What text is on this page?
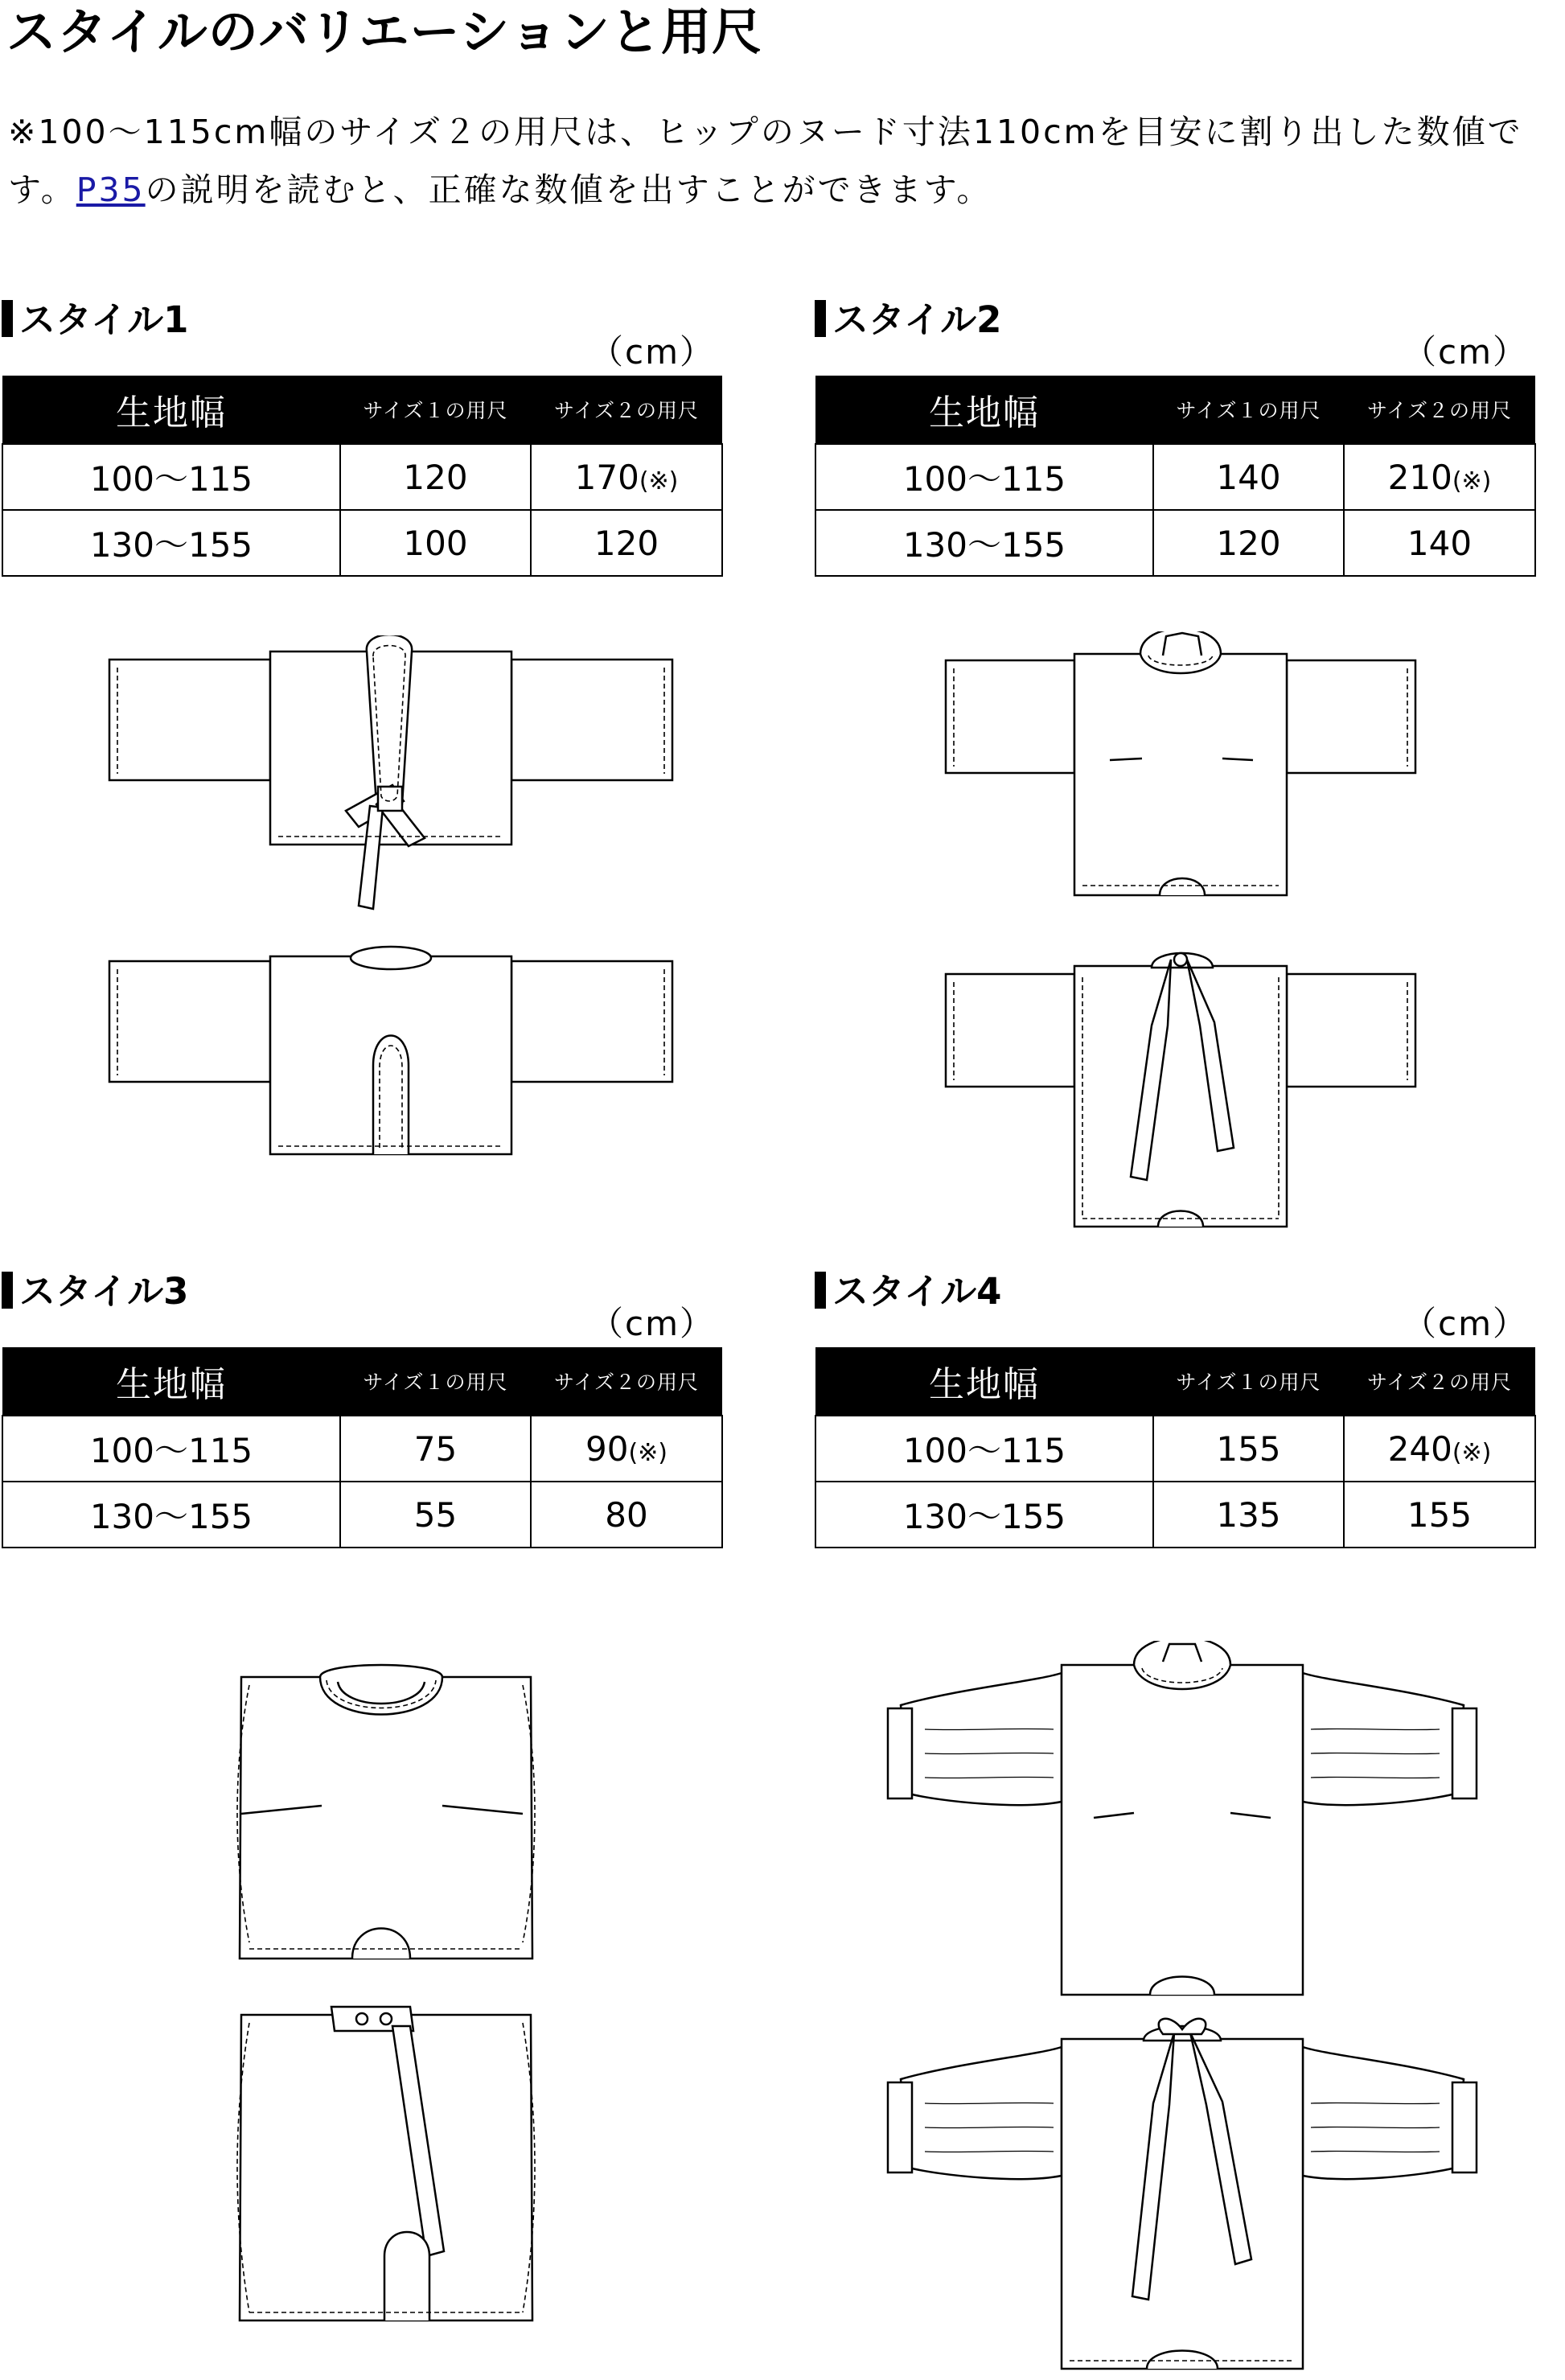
スタイルのバリエーションと用尺
※100〜115cm幅のサイズ２の用尺は、ヒップのヌード寸法110cmを目安に割り出した数値です。P35の説明を読むと、正確な数値を出すことができます。
スタイル1
（cm）
生地幅	サイズ１の用尺	サイズ２の用尺
100〜115	120	170(※)
130〜155	100	120
スタイル2
（cm）
生地幅	サイズ１の用尺	サイズ２の用尺
100〜115	140	210(※)
130〜155	120	140
スタイル3
（cm）
生地幅	サイズ１の用尺	サイズ２の用尺
100〜115	75	90(※)
130〜155	55	80
スタイル4
（cm）
生地幅	サイズ１の用尺	サイズ２の用尺
100〜115	155	240(※)
130〜155	135	155
